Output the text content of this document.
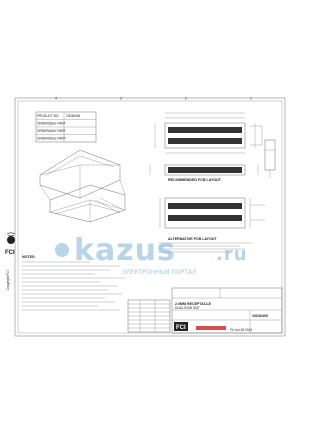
4	3	2	1
Copyright FCI
FCI
PRODUCT NO. 10036406
ORDERABLE PART
ORDERABLE PART
ORDERABLE PART
RECOMMENDED PCB LAYOUT
ALTERNATIVE PCB LAYOUT
NOTES:
2.0MM RECEPTACLE
DUAL ROW SMT
10036406
FCI	Fri Jun 06 2014
kazus .ru
ЭЛЕКТРОННЫЙ ПОРТАЛ
